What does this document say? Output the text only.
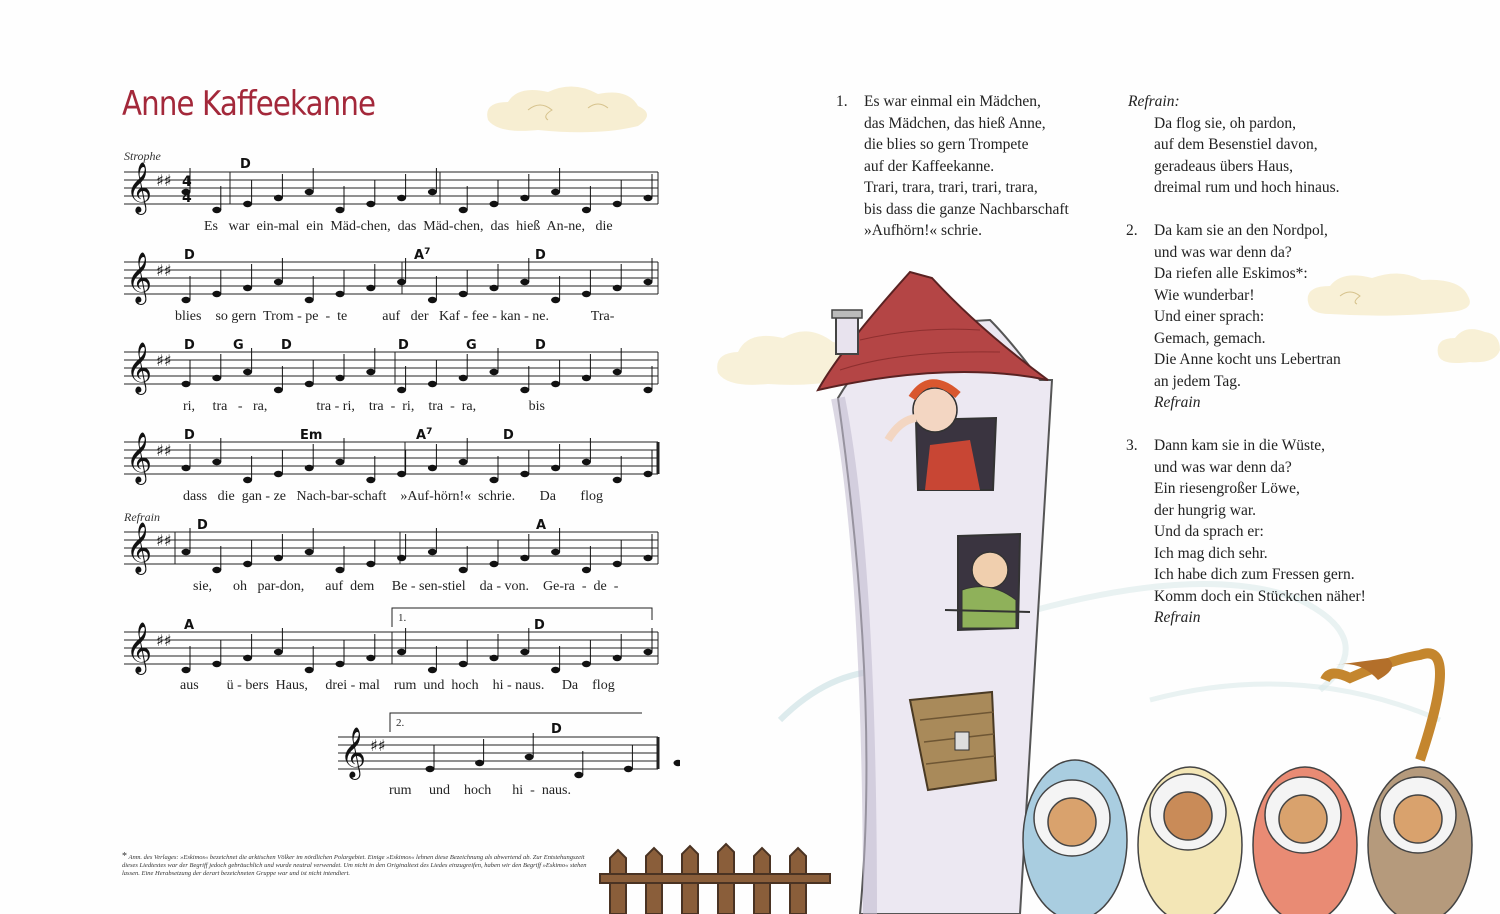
Anne Kaffeekanne
Strophe
Refrain
𝄞 ♯♯
𝄞 ♯♯
𝄞 ♯♯
𝄞 ♯♯
𝄞 ♯♯
𝄞 ♯♯
𝄞 ♯♯
4
4
D
D	$A^7$	D
D	G	D	D	G	D
D	Em	$A^7$	D
D	A
A	D
D
1.
2.
Es   war  ein-mal  ein  Mäd-chen,  das  Mäd-chen,  das  hieß  An-ne,   die
blies    so gern  Trom - pe  -  te          auf   der   Kaf - fee - kan - ne.            Tra-
ri,     tra   -   ra,              tra - ri,    tra  -  ri,    tra  -  ra,               bis
dass   die  gan - ze   Nach-bar-schaft    »Auf-hörn!«  schrie.       Da       flog
sie,      oh   par-don,      auf  dem     Be - sen-stiel    da - von.    Ge-ra  -  de  -
aus        ü - bers  Haus,     drei - mal    rum  und  hoch    hi - naus.     Da    flog
rum     und    hoch      hi  -  naus.
* Anm. des Verlages: »Eskimos« bezeichnet die arktischen Völker im nördlichen Polargebiet. Einige »Eskimos« lehnen diese Bezeichnung als abwertend ab. Zur Entstehungszeit dieses Liedtextes war der Begriff jedoch gebräuchlich und wurde neutral verwendet. Um nicht in den Originaltext des Liedes einzugreifen, haben wir den Begriff »Eskimo« stehen lassen. Eine Herabsetzung der derart bezeichneten Gruppe war und ist nicht intendiert.
1. Es war einmal ein Mädchen,
das Mädchen, das hieß Anne,
die blies so gern Trompete
auf der Kaffeekanne.
Trari, trara, trari, trari, trara,
bis dass die ganze Nachbarschaft
»Aufhörn!« schrie.
Refrain:
Da flog sie, oh pardon,
auf dem Besenstiel davon,
geradeaus übers Haus,
dreimal rum und hoch hinaus.
2. Da kam sie an den Nordpol,
und was war denn da?
Da riefen alle Eskimos*:
Wie wunderbar!
Und einer sprach:
Gemach, gemach.
Die Anne kocht uns Lebertran
an jedem Tag.
Refrain
3. Dann kam sie in die Wüste,
und was war denn da?
Ein riesengroßer Löwe,
der hungrig war.
Und da sprach er:
Ich mag dich sehr.
Ich habe dich zum Fressen gern.
Komm doch ein Stückchen näher!
Refrain
